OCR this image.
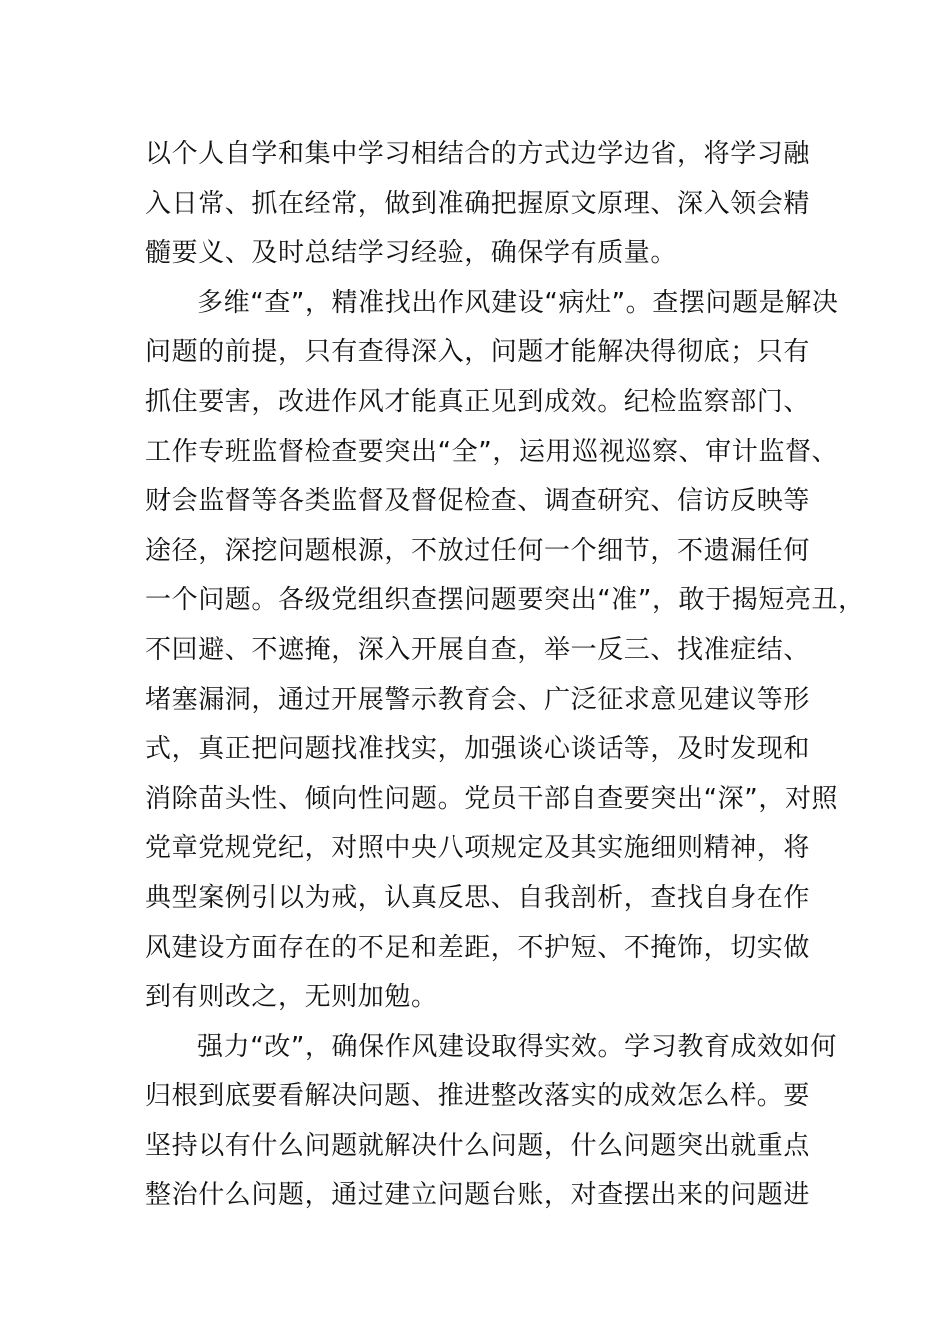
以个人自学和集中学习相结合的方式边学边省，将学习融
入日常、抓在经常，做到准确把握原文原理、深入领会精
髓要义、及时总结学习经验，确保学有质量。
多维“查”，精准找出作风建设“病灶”。查摆问题是解决
问题的前提，只有查得深入，问题才能解决得彻底；只有
抓住要害，改进作风才能真正见到成效。纪检监察部门、
工作专班监督检查要突出“全”，运用巡视巡察、审计监督、
财会监督等各类监督及督促检查、调查研究、信访反映等
途径，深挖问题根源，不放过任何一个细节，不遗漏任何
一个问题。各级党组织查摆问题要突出“准”，敢于揭短亮丑，
不回避、不遮掩，深入开展自查，举一反三、找准症结、
堵塞漏洞，通过开展警示教育会、广泛征求意见建议等形
式，真正把问题找准找实，加强谈心谈话等，及时发现和
消除苗头性、倾向性问题。党员干部自查要突出“深”，对照
党章党规党纪，对照中央八项规定及其实施细则精神，将
典型案例引以为戒，认真反思、自我剖析，查找自身在作
风建设方面存在的不足和差距，不护短、不掩饰，切实做
到有则改之，无则加勉。
强力“改”，确保作风建设取得实效。学习教育成效如何
归根到底要看解决问题、推进整改落实的成效怎么样。要
坚持以有什么问题就解决什么问题，什么问题突出就重点
整治什么问题，通过建立问题台账，对查摆出来的问题进
